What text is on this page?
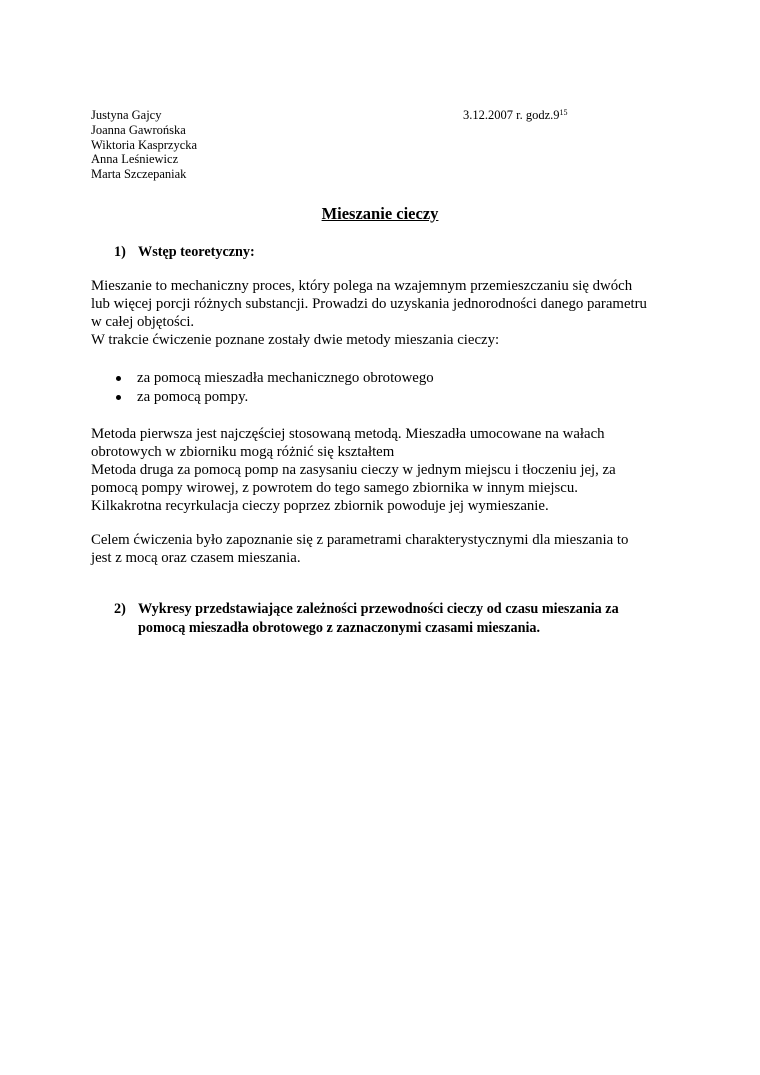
Justyna Gajcy
Joanna Gawrońska
Wiktoria Kasprzycka
Anna Leśniewicz
Marta Szczepaniak
3.12.2007 r. $godz.9^{15}$
Mieszanie cieczy
1) Wstęp teoretyczny:
Mieszanie to mechaniczny proces, który polega na wzajemnym przemieszczaniu się dwóch
lub więcej porcji różnych substancji. Prowadzi do uzyskania jednorodności danego parametru
w całej objętości.
W trakcie ćwiczenie poznane zostały dwie metody mieszania cieczy:
za pomocą mieszadła mechanicznego obrotowego
za pomocą pompy.
Metoda pierwsza jest najczęściej stosowaną metodą. Mieszadła umocowane na wałach
obrotowych w zbiorniku mogą różnić się kształtem
Metoda druga za pomocą pomp na zasysaniu cieczy w jednym miejscu i tłoczeniu jej, za
pomocą pompy wirowej, z powrotem do tego samego zbiornika w innym miejscu.
Kilkakrotna recyrkulacja cieczy poprzez zbiornik powoduje jej wymieszanie.
Celem ćwiczenia było zapoznanie się z parametrami charakterystycznymi dla mieszania to
jest z mocą oraz czasem mieszania.
2) Wykresy przedstawiające zależności przewodności cieczy od czasu mieszania za
pomocą mieszadła obrotowego z zaznaczonymi czasami mieszania.
